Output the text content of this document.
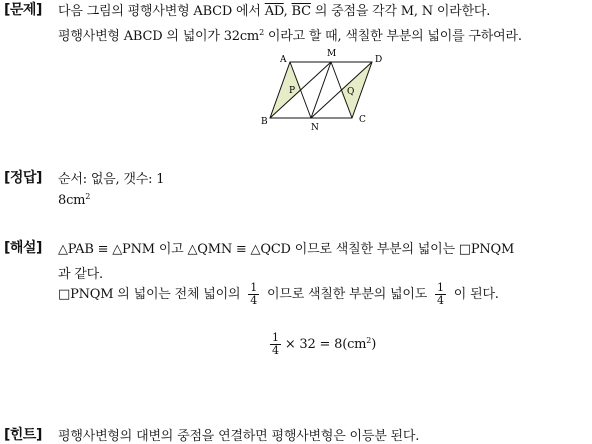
[문제] 다음 그림의 평행사변형 ABCD 에서 $\overline{AD}$, $\overline{BC}$ 의 중점을 각각 M, N 이라한다.
평행사변형 ABCD 의 넓이가 $32cm^2$ 이라고 할 때, 색칠한 부분의 넓이를 구하여라.
A
M
D
B
N
C
P	Q
[정답] 순서: 없음, 갯수: 1
$8cm^2$
[해설] △PAB ≡ △PNM 이고 △QMN ≡ △QCD 이므로 색칠한 부분의 넓이는 □PNQM
과 같다.
□PNQM 의 넓이는 전체 넓이의 $\frac{1}{4}$ 이므로 색칠한 부분의 넓이도 $\frac{1}{4}$ 이 된다.
$\frac{1}{4} \times 32 = 8(cm^2)$
[힌트] 평행사변형의 대변의 중점을 연결하면 평행사변형은 이등분 된다.
